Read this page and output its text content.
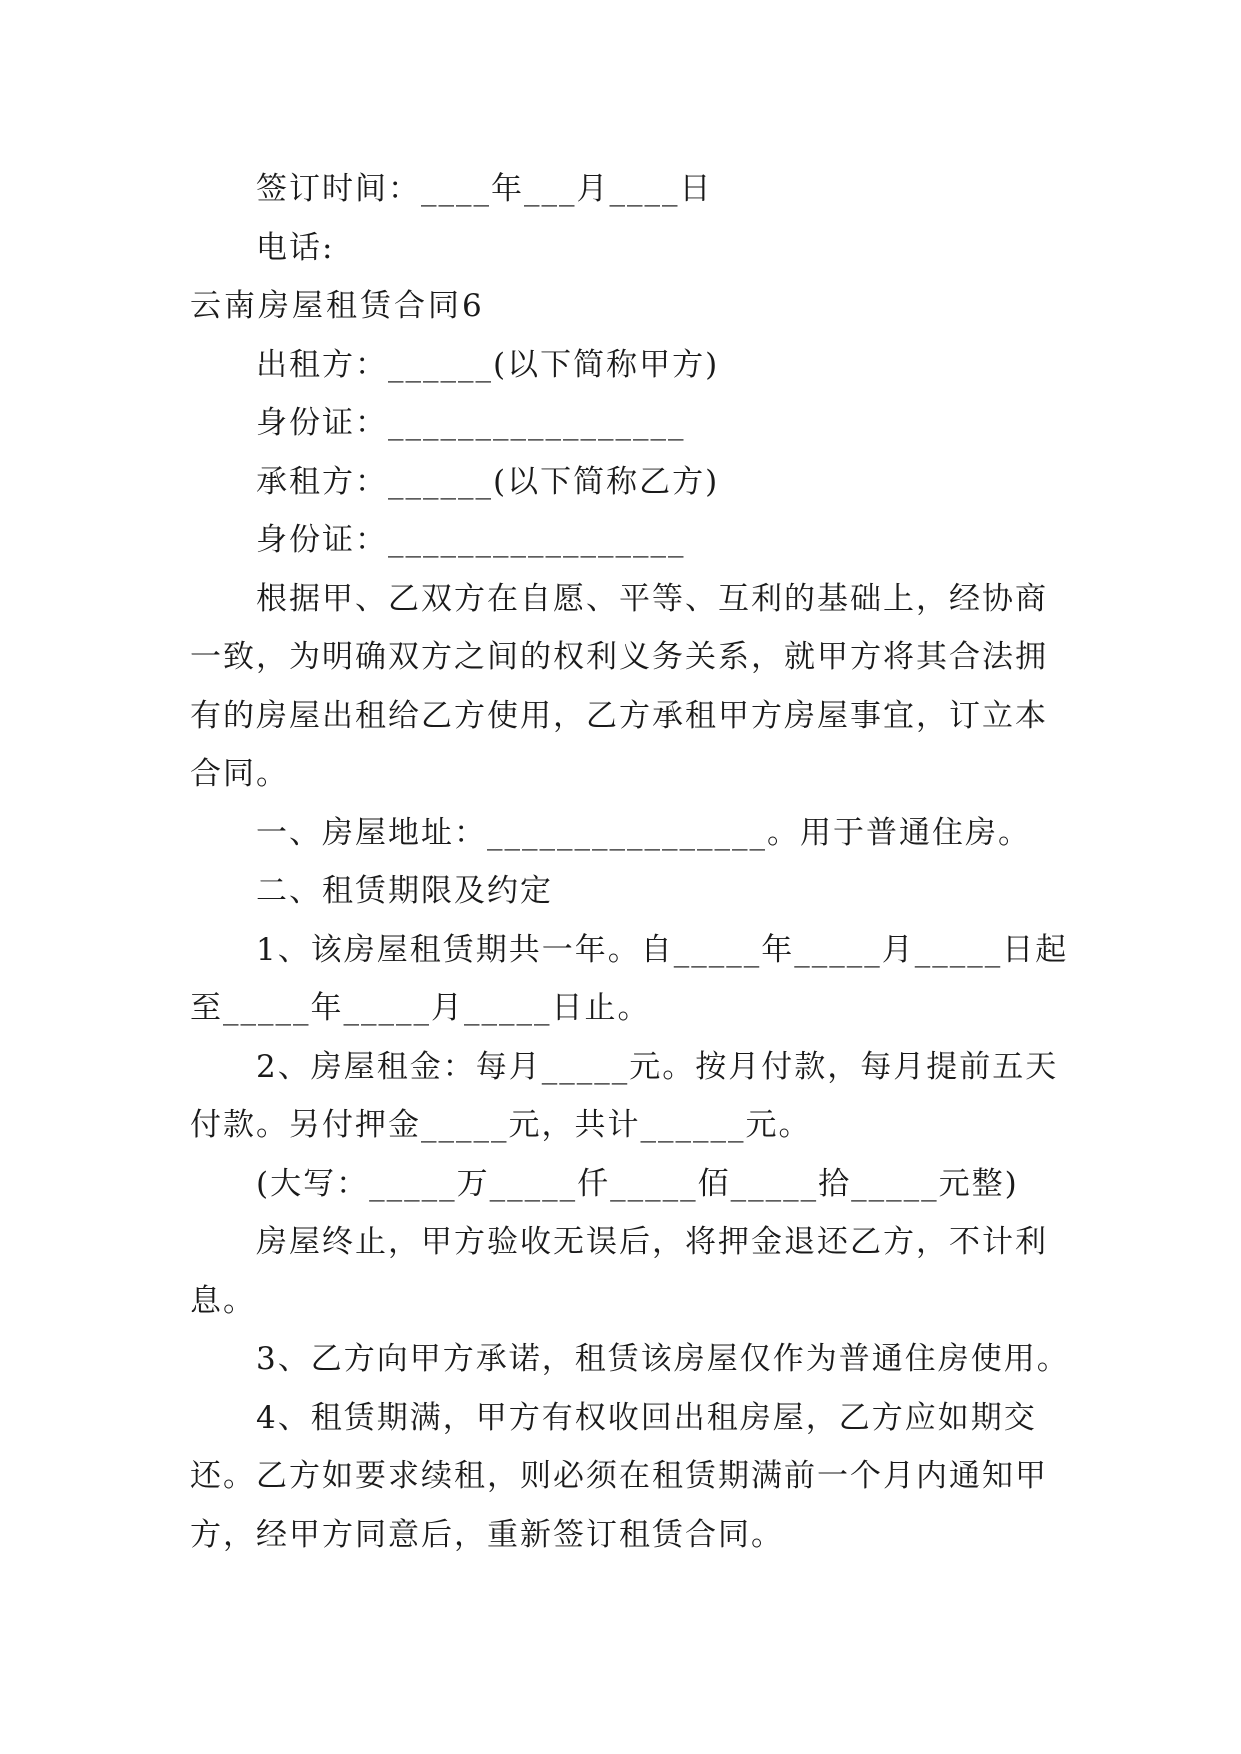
签订时间：____年___月____日
电话:
云南房屋租赁合同6
出租方：______(以下简称甲方)
身份证：_________________
承租方：______(以下简称乙方)
身份证：_________________
根据甲、乙双方在自愿、平等、互利的基础上，经协商
一致，为明确双方之间的权利义务关系，就甲方将其合法拥
有的房屋出租给乙方使用，乙方承租甲方房屋事宜，订立本
合同。
一、房屋地址：________________。用于普通住房。
二、租赁期限及约定
1、该房屋租赁期共一年。自_____年_____月_____日起
至_____年_____月_____日止。
2、房屋租金：每月_____元。按月付款，每月提前五天
付款。另付押金_____元，共计______元。
(大写：_____万_____仟_____佰_____拾_____元整)
房屋终止，甲方验收无误后，将押金退还乙方，不计利
息。
3、乙方向甲方承诺，租赁该房屋仅作为普通住房使用。
4、租赁期满，甲方有权收回出租房屋，乙方应如期交
还。乙方如要求续租，则必须在租赁期满前一个月内通知甲
方，经甲方同意后，重新签订租赁合同。
